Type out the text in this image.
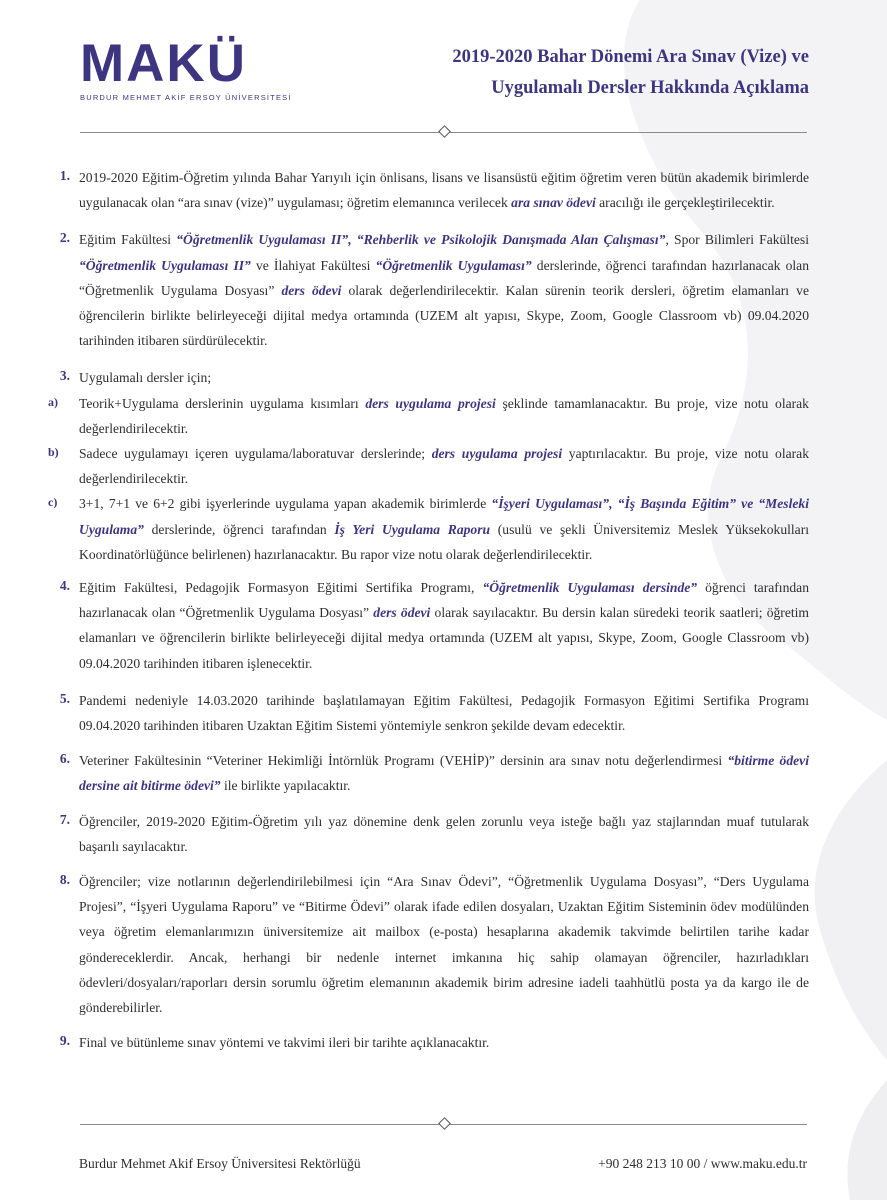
MAKÜ
BURDUR MEHMET AKİF ERSOY ÜNİVERSİTESİ
2019-2020 Bahar Dönemi Ara Sınav (Vize) ve
Uygulamalı Dersler Hakkında Açıklama
1. 2019-2020 Eğitim-Öğretim yılında Bahar Yarıyılı için önlisans, lisans ve lisansüstü eğitim öğretim veren bütün akademik birimlerde uygulanacak olan “ara sınav (vize)” uygulaması; öğretim elemanınca verilecek ara sınav ödevi aracılığı ile gerçekleştirilecektir.
2. Eğitim Fakültesi “Öğretmenlik Uygulaması II”, “Rehberlik ve Psikolojik Danışmada Alan Çalışması”, Spor Bilimleri Fakültesi “Öğretmenlik Uygulaması II” ve İlahiyat Fakültesi “Öğretmenlik Uygulaması” derslerinde, öğrenci tarafından hazırlanacak olan “Öğretmenlik Uygulama Dosyası” ders ödevi olarak değerlendirilecektir. Kalan sürenin teorik dersleri, öğretim elamanları ve öğrencilerin birlikte belirleyeceği dijital medya ortamında (UZEM alt yapısı, Skype, Zoom, Google Classroom vb) 09.04.2020 tarihinden itibaren sürdürülecektir.
3. Uygulamalı dersler için;
a)	Teorik+Uygulama derslerinin uygulama kısımları ders uygulama projesi şeklinde tamamlanacaktır. Bu proje, vize notu olarak değerlendirilecektir.
b)	Sadece uygulamayı içeren uygulama/laboratuvar derslerinde; ders uygulama projesi yaptırılacaktır. Bu proje, vize notu olarak değerlendirilecektir.
c)	3+1, 7+1 ve 6+2 gibi işyerlerinde uygulama yapan akademik birimlerde “İşyeri Uygulaması”, “İş Başında Eğitim” ve “Mesleki Uygulama” derslerinde, öğrenci tarafından İş Yeri Uygulama Raporu (usulü ve şekli Üniversitemiz Meslek Yüksekokulları Koordinatörlüğünce belirlenen) hazırlanacaktır. Bu rapor vize notu olarak değerlendirilecektir.
4. Eğitim Fakültesi, Pedagojik Formasyon Eğitimi Sertifika Programı, “Öğretmenlik Uygulaması dersinde” öğrenci tarafından hazırlanacak olan “Öğretmenlik Uygulama Dosyası” ders ödevi olarak sayılacaktır. Bu dersin kalan süredeki teorik saatleri; öğretim elamanları ve öğrencilerin birlikte belirleyeceği dijital medya ortamında (UZEM alt yapısı, Skype, Zoom, Google Classroom vb) 09.04.2020 tarihinden itibaren işlenecektir.
5. Pandemi nedeniyle 14.03.2020 tarihinde başlatılamayan Eğitim Fakültesi, Pedagojik Formasyon Eğitimi Sertifika Programı 09.04.2020 tarihinden itibaren Uzaktan Eğitim Sistemi yöntemiyle senkron şekilde devam edecektir.
6. Veteriner Fakültesinin “Veteriner Hekimliği İntörnlük Programı (VEHİP)” dersinin ara sınav notu değerlendirmesi “bitirme ödevi dersine ait bitirme ödevi” ile birlikte yapılacaktır.
7. Öğrenciler, 2019-2020 Eğitim-Öğretim yılı yaz dönemine denk gelen zorunlu veya isteğe bağlı yaz stajlarından muaf tutularak başarılı sayılacaktır.
8. Öğrenciler; vize notlarının değerlendirilebilmesi için “Ara Sınav Ödevi”, “Öğretmenlik Uygulama Dosyası”, “Ders Uygulama Projesi”, “İşyeri Uygulama Raporu” ve “Bitirme Ödevi” olarak ifade edilen dosyaları, Uzaktan Eğitim Sisteminin ödev modülünden veya öğretim elemanlarımızın üniversitemize ait mailbox (e-posta) hesaplarına akademik takvimde belirtilen tarihe kadar göndereceklerdir. Ancak, herhangi bir nedenle internet imkanına hiç sahip olamayan öğrenciler, hazırladıkları ödevleri/dosyaları/raporları dersin sorumlu öğretim elemanının akademik birim adresine iadeli taahhütlü posta ya da kargo ile de gönderebilirler.
9. Final ve bütünleme sınav yöntemi ve takvimi ileri bir tarihte açıklanacaktır.
Burdur Mehmet Akif Ersoy Üniversitesi Rektörlüğü	+90 248 213 10 00 / www.maku.edu.tr
